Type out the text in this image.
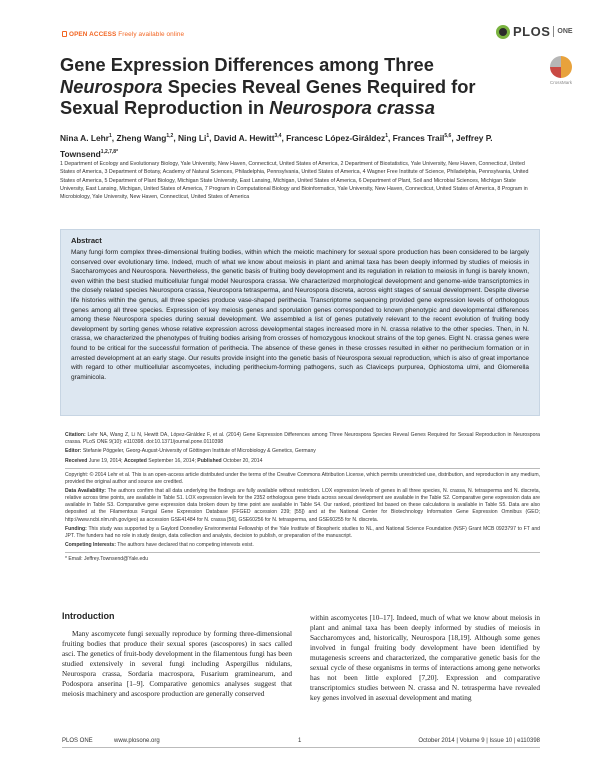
OPEN ACCESS Freely available online	PLOS ONE
Gene Expression Differences among Three Neurospora Species Reveal Genes Required for Sexual Reproduction in Neurospora crassa
CrossMark
Nina A. Lehr$^1$, Zheng Wang$^{1,2}$, Ning Li$^1$, David A. Hewitt$^{3,4}$, Francesc López-Giráldez$^1$, Frances Trail$^{5,6}$, Jeffrey P. Townsend$^{1,2,7,8*}$
1 Department of Ecology and Evolutionary Biology, Yale University, New Haven, Connecticut, United States of America, 2 Department of Biostatistics, Yale University, New Haven, Connecticut, United States of America, 3 Department of Botany, Academy of Natural Sciences, Philadelphia, Pennsylvania, United States of America, 4 Wagner Free Institute of Science, Philadelphia, Pennsylvania, United States of America, 5 Department of Plant Biology, Michigan State University, East Lansing, Michigan, United States of America, 6 Department of Plant, Soil and Microbial Sciences, Michigan State University, East Lansing, Michigan, United States of America, 7 Program in Computational Biology and Bioinformatics, Yale University, New Haven, Connecticut, United States of America, 8 Program in Microbiology, Yale University, New Haven, Connecticut, United States of America
Abstract

Many fungi form complex three-dimensional fruiting bodies, within which the meiotic machinery for sexual spore production has been considered to be largely conserved over evolutionary time. Indeed, much of what we know about meiosis in plant and animal taxa has been deeply informed by studies of meiosis in Saccharomyces and Neurospora. Nevertheless, the genetic basis of fruiting body development and its regulation in relation to meiosis in fungi is barely known, even within the best studied multicellular fungal model Neurospora crassa. We characterized morphological development and genome-wide transcriptomics in the closely related species Neurospora crassa, Neurospora tetrasperma, and Neurospora discreta, across eight stages of sexual development. Despite diverse life histories within the genus, all three species produce vase-shaped perithecia. Transcriptome sequencing provided gene expression levels of orthologous genes among all three species. Expression of key meiosis genes and sporulation genes corresponded to known phenotypic and developmental differences among these Neurospora species during sexual development. We assembled a list of genes putatively relevant to the recent evolution of fruiting body development by sorting genes whose relative expression across developmental stages increased more in N. crassa relative to the other species. Then, in N. crassa, we characterized the phenotypes of fruiting bodies arising from crosses of homozygous knockout strains of the top genes. Eight N. crassa genes were found to be critical for the successful formation of perithecia. The absence of these genes in these crosses resulted in either no perithecium formation or in arrested development at an early stage. Our results provide insight into the genetic basis of Neurospora sexual reproduction, which is also of great importance with regard to other multicellular ascomycetes, including perithecium-forming pathogens, such as Claviceps purpurea, Ophiostoma ulmi, and Glomerella graminicola.

Citation: Lehr NA, Wang Z, Li N, Hewitt DA, López-Giráldez F, et al. (2014) Gene Expression Differences among Three Neurospora Species Reveal Genes Required for Sexual Reproduction in Neurospora crassa. PLoS ONE 9(10): e110398. doi:10.1371/journal.pone.0110398

Editor: Stefanie Pöggeler, Georg-August-University of Göttingen Institute of Microbiology & Genetics, Germany

Received June 19, 2014; Accepted September 16, 2014; Published October 20, 2014

Copyright: © 2014 Lehr et al. This is an open-access article distributed under the terms of the Creative Commons Attribution License, which permits unrestricted use, distribution, and reproduction in any medium, provided the original author and source are credited.

Data Availability: The authors confirm that all data underlying the findings are fully available without restriction. LOX expression levels of genes in all three species, N. crassa, N. tetrasperma and N. discreta, relative across time points, are available in Table S1. LOX expression levels for the 2352 orthologous gene triads across sexual development are available in the Table S2. Comparative gene expression data are available in Table S3. Comparative gene expression data broken down by time point are available in Table S4. Our ranked, prioritized list based on these calculations is available in Table S5. Data are also deposited at the Filamentous Fungal Gene Expression Database (FFGED accession 239; [55]) and at the National Center for Biotechnology Information Gene Expression Omnibus (GEO; http://www.ncbi.nlm.nih.gov/geo) as accession GSE41484 for N. crassa [56], GSE60256 for N. tetrasperma, and GSE60255 for N. discreta.

Funding: This study was supported by a Gaylord Donnelley Environmental Fellowship of the Yale Institute of Biospheric studies to NL, and National Science Foundation (NSF) Grant MCB 0923797 to FT and JPT. The funders had no role in study design, data collection and analysis, decision to publish, or preparation of the manuscript.

Competing Interests: The authors have declared that no competing interests exist.

* Email: Jeffrey.Townsend@Yale.edu

Introduction
Many ascomycete fungi sexually reproduce by forming three-dimensional fruiting bodies that produce their sexual spores (ascospores) in sacs called asci. The genetics of fruit-body development in the filamentous fungi has been studied extensively in several fungi including Aspergillus nidulans, Neurospora crassa, Sordaria macrospora, Fusarium graminearum, and Podospora anserina [1–9]. Comparative genomics analyses suggest that meiosis machinery and ascospore production are generally conserved
within ascomycetes [10–17]. Indeed, much of what we know about meiosis in plant and animal taxa has been deeply informed by studies of meiosis in Saccharomyces and, historically, Neurospora [18,19]. Although some genes involved in fungal fruiting body development have been identified by mutagenesis screens and characterized, the comparative genetic basis for the sexual cycle of these organisms in terms of interactions among gene networks has not been little explored [7,20]. Expression and comparative transcriptomics studies between N. crassa and N. tetrasperma have revealed key genes involved in asexual development and mating
PLOS ONE	www.plosone.org	1	October 2014 | Volume 9 | Issue 10 | e110398
